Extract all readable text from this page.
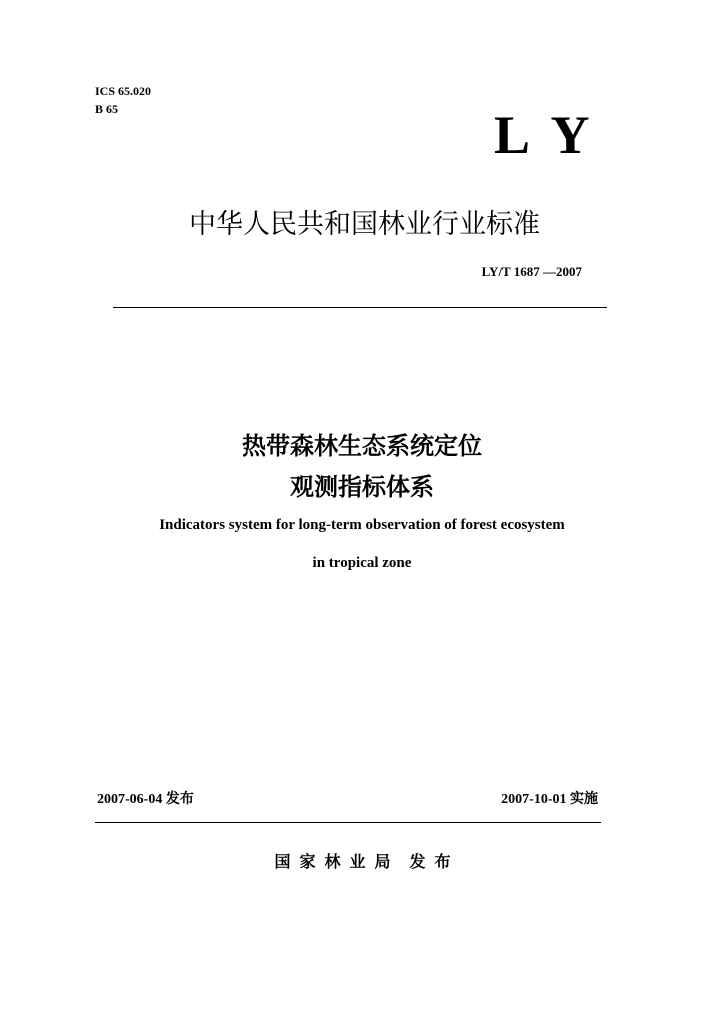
ICS 65.020
B 65	L Y
中华人民共和国林业行业标准
LY/T 1687 —2007
热带森林生态系统定位
观测指标体系
Indicators system for long-term observation of forest ecosystem
in tropical zone
2007-06-04 发布	2007-10-01 实施
国家林业局 发布
